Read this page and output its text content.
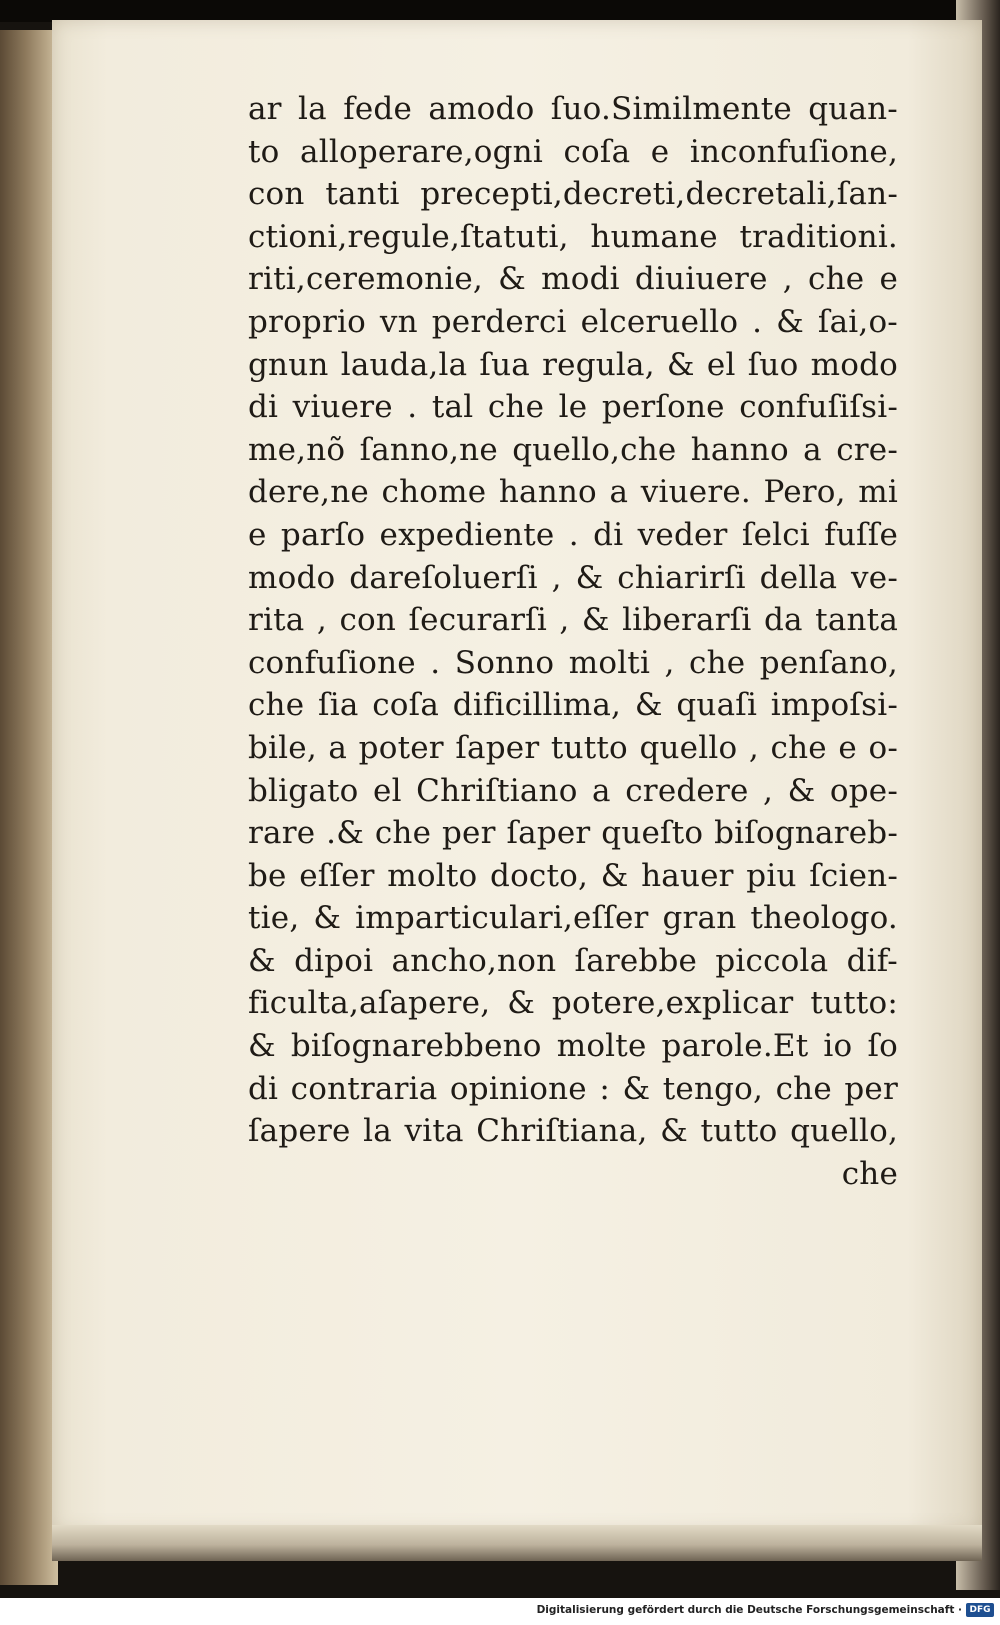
ar la fede amodo ſuo.Similmente quan-
to alloperare,ogni coſa e inconfuſione,
con tanti precepti,decreti,decretali,ſan-
ctioni,regule,ſtatuti, humane traditioni.
riti,ceremonie, & modi diuiuere , che e
proprio vn perderci elceruello . & ſai,o-
gnun lauda,la ſua regula, & el ſuo modo
di viuere . tal che le perſone confuſiſsi-
me,nõ ſanno,ne quello,che hanno a cre-
dere,ne chome hanno a viuere. Pero, mi
e parſo expediente . di veder ſelci fuſſe
modo dareſoluerſi , & chiarirſi della ve-
rita , con ſecurarſi , & liberarſi da tanta
confuſione . Sonno molti , che penſano,
che ſia coſa dificillima, & quaſi impoſsi-
bile, a poter ſaper tutto quello , che e o-
bligato el Chriſtiano a credere , & ope-
rare .& che per ſaper queſto biſognareb-
be eſſer molto docto, & hauer piu ſcien-
tie, & imparticulari,eſſer gran theologo.
& dipoi ancho,non ſarebbe piccola dif-
ficulta,aſapere, & potere,explicar tutto:
& biſognarebbeno molte parole.Et io ſo
di contraria opinione : & tengo, che per
ſapere la vita Chriſtiana, & tutto quello,
che
Digitalisierung gefördert durch die Deutsche Forschungsgemeinschaft · DFG
